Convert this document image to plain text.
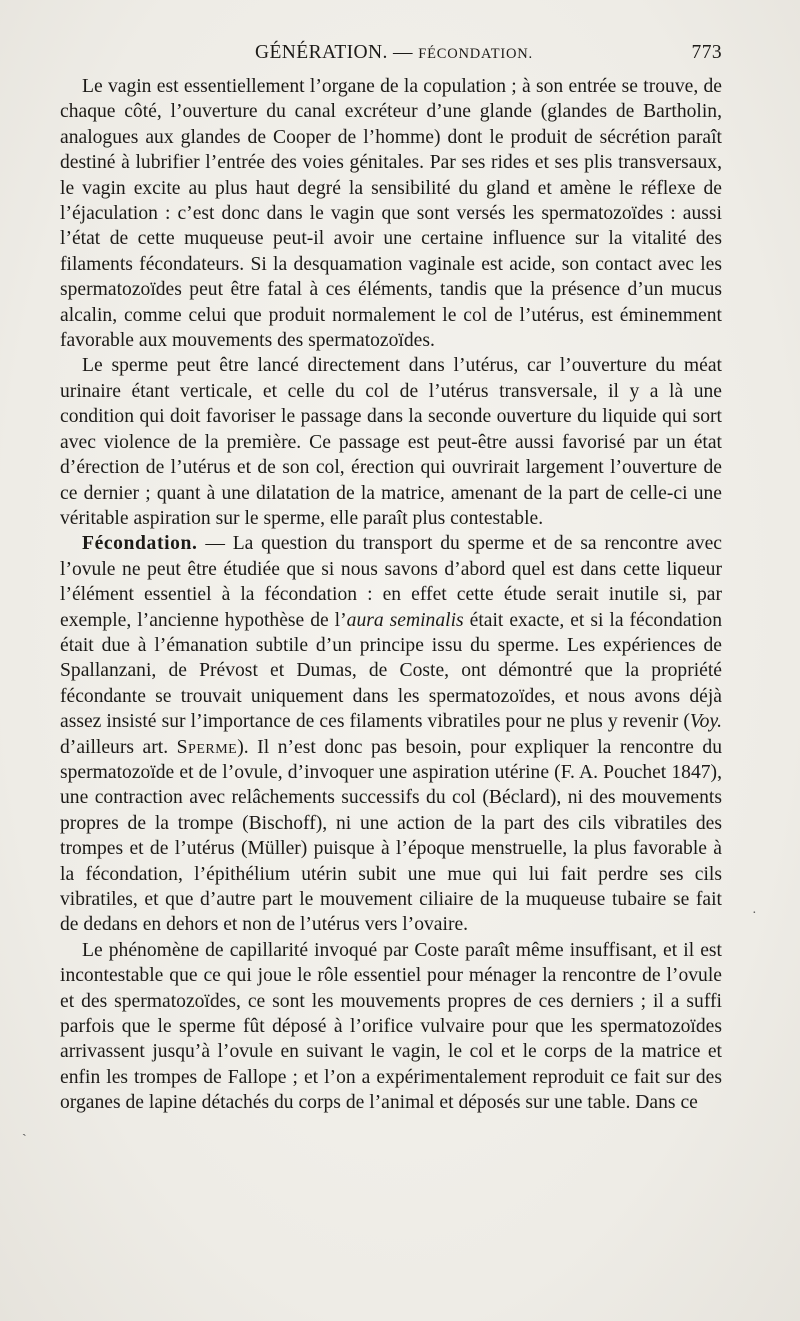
GÉNÉRATION. — FÉCONDATION.	773

Le vagin est essentiellement l’organe de la copulation ; à son entrée se trouve, de chaque côté, l’ouverture du canal excréteur d’une glande (glandes de Bartholin, analogues aux glandes de Cooper de l’homme) dont le produit de sécrétion paraît destiné à lubrifier l’entrée des voies génitales. Par ses rides et ses plis transversaux, le vagin excite au plus haut degré la sensibilité du gland et amène le réflexe de l’éjaculation : c’est donc dans le vagin que sont versés les spermatozoïdes : aussi l’état de cette muqueuse peut-il avoir une certaine influence sur la vitalité des filaments fécondateurs. Si la desquamation vaginale est acide, son contact avec les spermatozoïdes peut être fatal à ces éléments, tandis que la présence d’un mucus alcalin, comme celui que produit normalement le col de l’utérus, est éminemment favorable aux mouvements des spermatozoïdes.

Le sperme peut être lancé directement dans l’utérus, car l’ouverture du méat urinaire étant verticale, et celle du col de l’utérus transversale, il y a là une condition qui doit favoriser le passage dans la seconde ouverture du liquide qui sort avec violence de la première. Ce passage est peut-être aussi favorisé par un état d’érection de l’utérus et de son col, érection qui ouvrirait largement l’ouverture de ce dernier ; quant à une dilatation de la matrice, amenant de la part de celle-ci une véritable aspiration sur le sperme, elle paraît plus contestable.

Fécondation. — La question du transport du sperme et de sa rencontre avec l’ovule ne peut être étudiée que si nous savons d’abord quel est dans cette liqueur l’élément essentiel à la fécondation : en effet cette étude serait inutile si, par exemple, l’ancienne hypothèse de l’aura seminalis était exacte, et si la fécondation était due à l’émanation subtile d’un principe issu du sperme. Les expériences de Spallanzani, de Prévost et Dumas, de Coste, ont démontré que la propriété fécondante se trouvait uniquement dans les spermatozoïdes, et nous avons déjà assez insisté sur l’importance de ces filaments vibratiles pour ne plus y revenir (Voy. d’ailleurs art. Sperme). Il n’est donc pas besoin, pour expliquer la rencontre du spermatozoïde et de l’ovule, d’invoquer une aspiration utérine (F. A. Pouchet 1847), une contraction avec relâchements successifs du col (Béclard), ni des mouvements propres de la trompe (Bischoff), ni une action de la part des cils vibratiles des trompes et de l’utérus (Müller) puisque à l’époque menstruelle, la plus favorable à la fécondation, l’épithélium utérin subit une mue qui lui fait perdre ses cils vibratiles, et que d’autre part le mouvement ciliaire de la muqueuse tubaire se fait de dedans en dehors et non de l’utérus vers l’ovaire.

Le phénomène de capillarité invoqué par Coste paraît même insuffisant, et il est incontestable que ce qui joue le rôle essentiel pour ménager la rencontre de l’ovule et des spermatozoïdes, ce sont les mouvements propres de ces derniers ; il a suffi parfois que le sperme fût déposé à l’orifice vulvaire pour que les spermatozoïdes arrivassent jusqu’à l’ovule en suivant le vagin, le col et le corps de la matrice et enfin les trompes de Fallope ; et l’on a expérimentalement reproduit ce fait sur des organes de lapine détachés du corps de l’animal et déposés sur une table. Dans ce

·
ˏ
